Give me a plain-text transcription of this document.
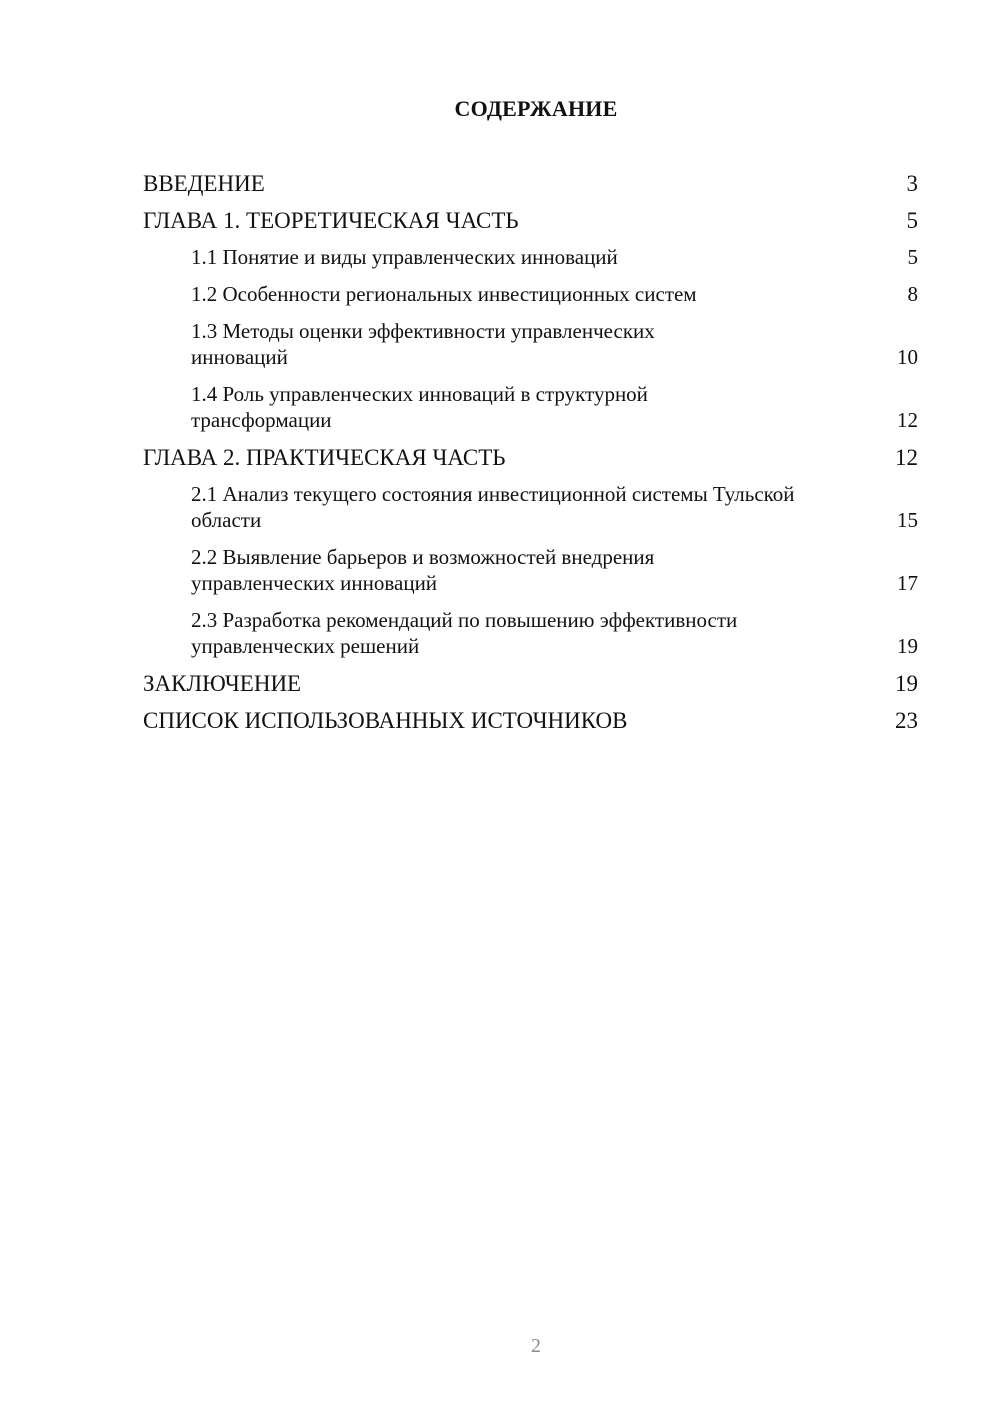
СОДЕРЖАНИЕ
ВВЕДЕНИЕ	3
ГЛАВА 1. ТЕОРЕТИЧЕСКАЯ ЧАСТЬ	5
1.1 Понятие и виды управленческих инноваций	5
1.2 Особенности региональных инвестиционных систем	8
1.3 Методы оценки эффективности управленческих инноваций	10
1.4 Роль управленческих инноваций в структурной трансформации	12
ГЛАВА 2. ПРАКТИЧЕСКАЯ ЧАСТЬ	12
2.1 Анализ текущего состояния инвестиционной системы Тульской области	15
2.2 Выявление барьеров и возможностей внедрения управленческих инноваций	17
2.3 Разработка рекомендаций по повышению эффективности управленческих решений	19
ЗАКЛЮЧЕНИЕ	19
СПИСОК ИСПОЛЬЗОВАННЫХ ИСТОЧНИКОВ	23
2
